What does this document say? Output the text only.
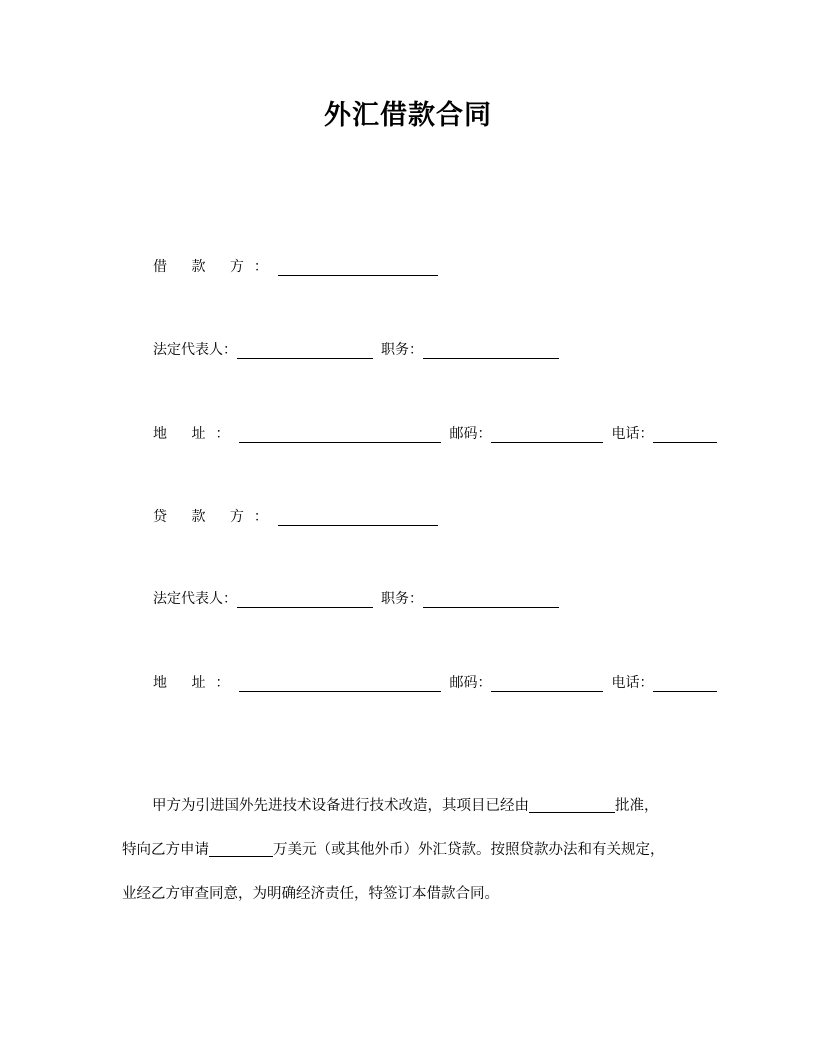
外汇借款合同
借 款 方：
法定代表人：	职务：
地 址：	邮码：	电话：
贷 款 方：
法定代表人：	职务：
地 址：	邮码：	电话：
甲方为引进国外先进技术设备进行技术改造，其项目已经由	批准，
特向乙方申请	万美元（或其他外币）外汇贷款。按照贷款办法和有关规定，
业经乙方审查同意，为明确经济责任，特签订本借款合同。
